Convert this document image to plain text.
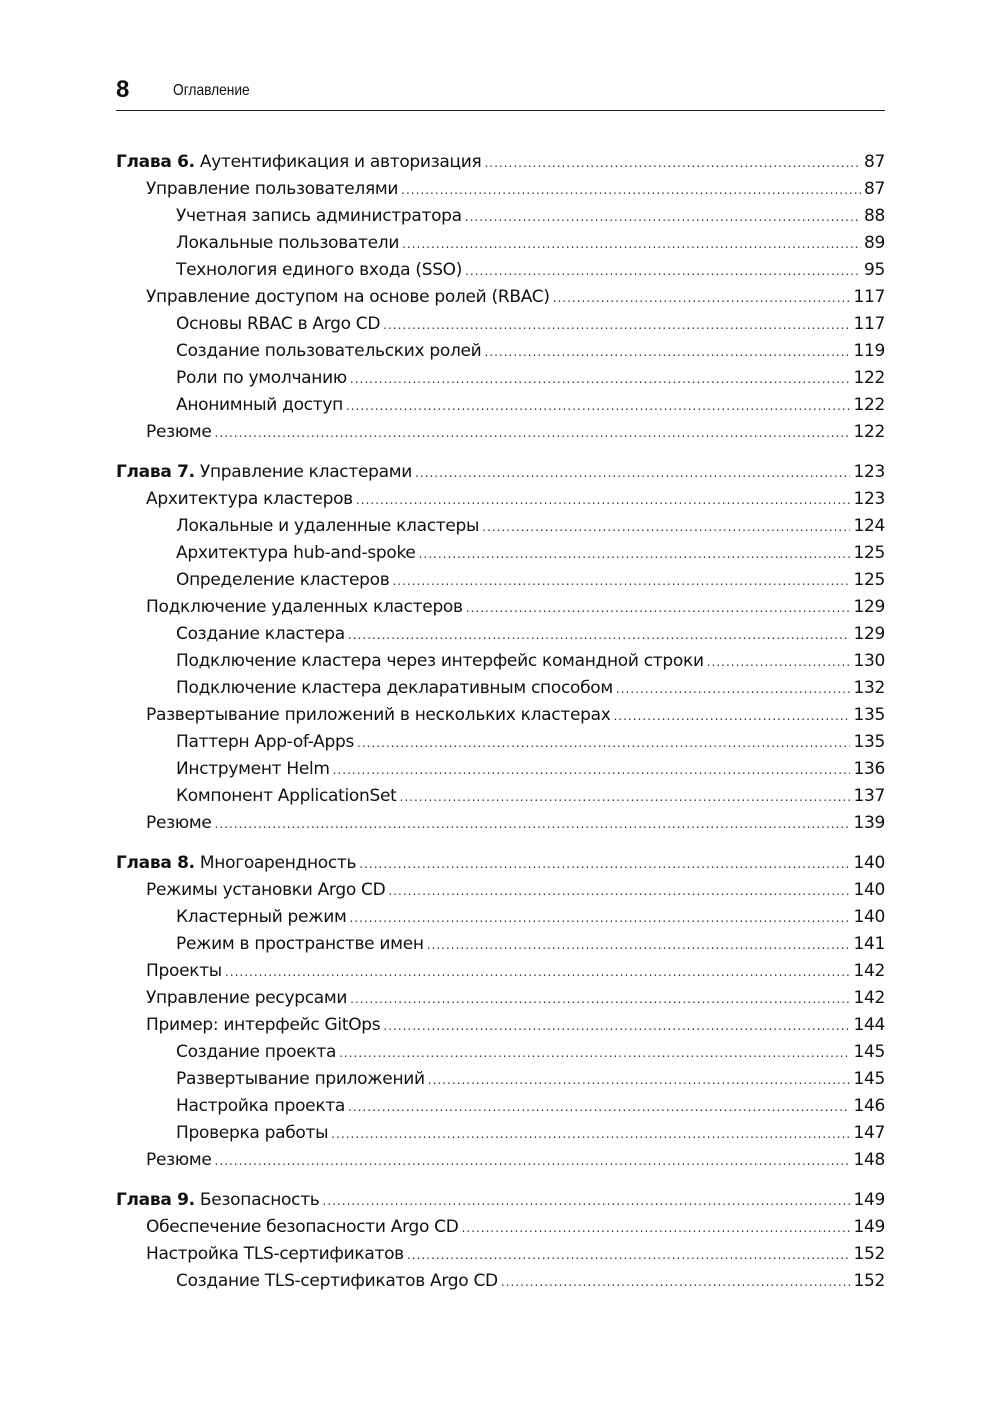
8	Оглавление
Глава 6. Аутентификация и авторизация .....	87
Управление пользователями .....	87
Учетная запись администратора .....	88
Локальные пользователи .....	89
Технология единого входа (SSO) .....	95
Управление доступом на основе ролей (RBAC) .....	117
Основы RBAC в Argo CD .....	117
Создание пользовательских ролей .....	119
Роли по умолчанию .....	122
Анонимный доступ .....	122
Резюме .....	122
Глава 7. Управление кластерами .....	123
Архитектура кластеров .....	123
Локальные и удаленные кластеры .....	124
Архитектура hub-and-spoke .....	125
Определение кластеров .....	125
Подключение удаленных кластеров .....	129
Создание кластера .....	129
Подключение кластера через интерфейс командной строки .....	130
Подключение кластера декларативным способом .....	132
Развертывание приложений в нескольких кластерах .....	135
Паттерн App-of-Apps .....	135
Инструмент Helm .....	136
Компонент ApplicationSet .....	137
Резюме .....	139
Глава 8. Многоарендность .....	140
Режимы установки Argo CD .....	140
Кластерный режим .....	140
Режим в пространстве имен .....	141
Проекты .....	142
Управление ресурсами .....	142
Пример: интерфейс GitOps .....	144
Создание проекта .....	145
Развертывание приложений .....	145
Настройка проекта .....	146
Проверка работы .....	147
Резюме .....	148
Глава 9. Безопасность .....	149
Обеспечение безопасности Argo CD .....	149
Настройка TLS-сертификатов .....	152
Создание TLS-сертификатов Argo CD .....	152
